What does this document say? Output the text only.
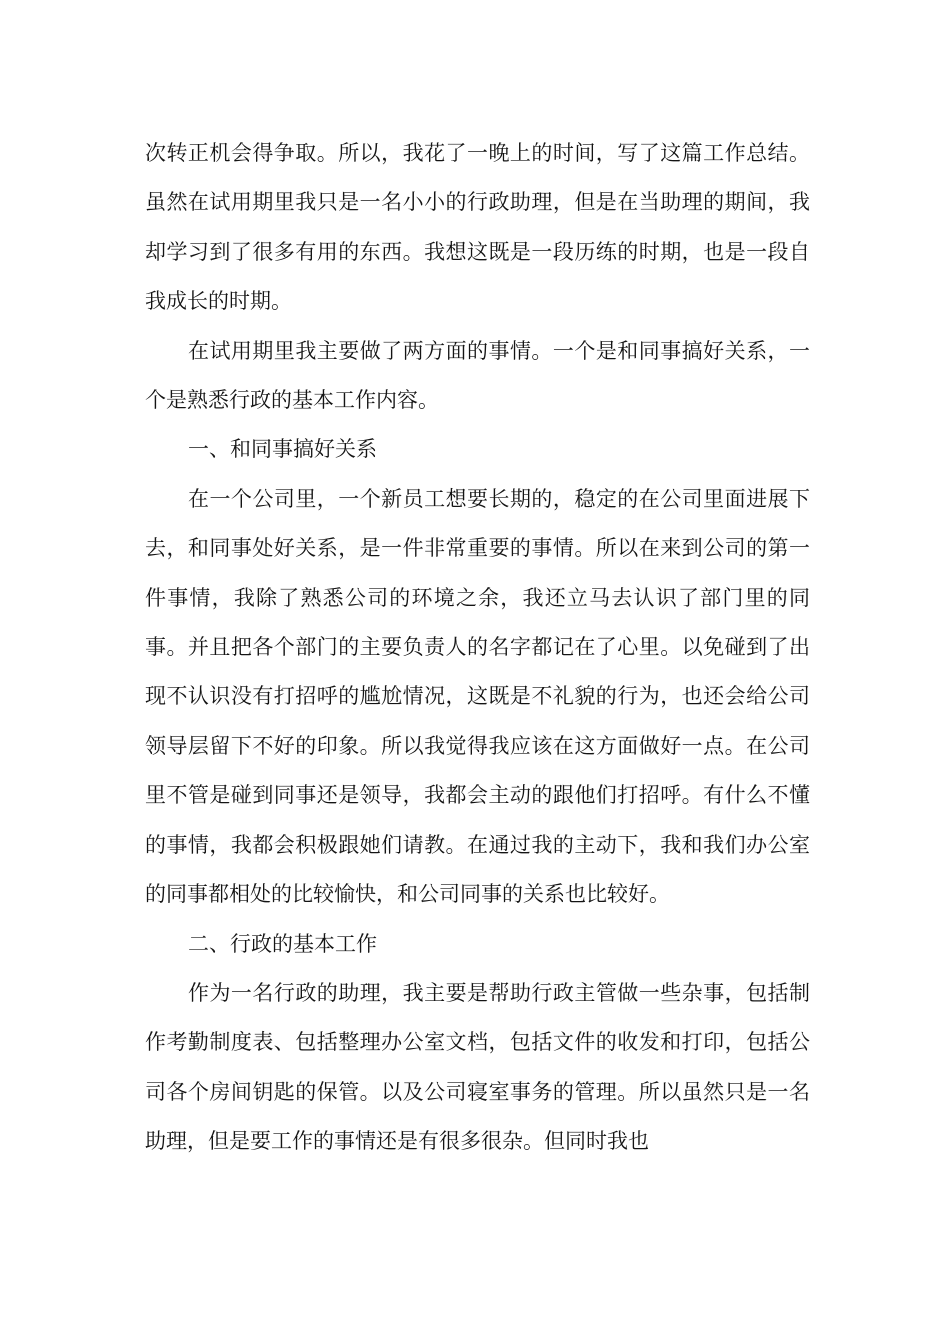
次转正机会得争取。所以，我花了一晚上的时间，写了这篇工作总结。  虽然在试用期里我只是一名小小的行政助理，但是在当助理的期间，我却学习到了很多有用的东西。我想这既是一段历练的时期，也是一段自我成长的时期。

在试用期里我主要做了两方面的事情。一个是和同事搞好关系，一个是熟悉行政的基本工作内容。

一、和同事搞好关系

在一个公司里，一个新员工想要长期的，稳定的在公司里面进展下去，和同事处好关系，是一件非常重要的事情。所以在来到公司的第一件事情，我除了熟悉公司的环境之余，我还立马去认识了部门里的同事。并且把各个部门的主要负责人的名字都记在了心里。以免碰到了出现不认识没有打招呼的尴尬情况，这既是不礼貌的行为，也还会给公司领导层留下不好的印象。所以我觉得我应该在这方面做好一点。在公司里不管是碰到同事还是领导，我都会主动的跟他们打招呼。有什么不懂的事情，我都会积极跟她们请教。在通过我的主动下，我和我们办公室的同事都相处的比较愉快，和公司同事的关系也比较好。

二、行政的基本工作

作为一名行政的助理，我主要是帮助行政主管做一些杂事，包括制作考勤制度表、包括整理办公室文档，包括文件的收发和打印，包括公司各个房间钥匙的保管。以及公司寝室事务的管理。所以虽然只是一名助理，但是要工作的事情还是有很多很杂。但同时我也
